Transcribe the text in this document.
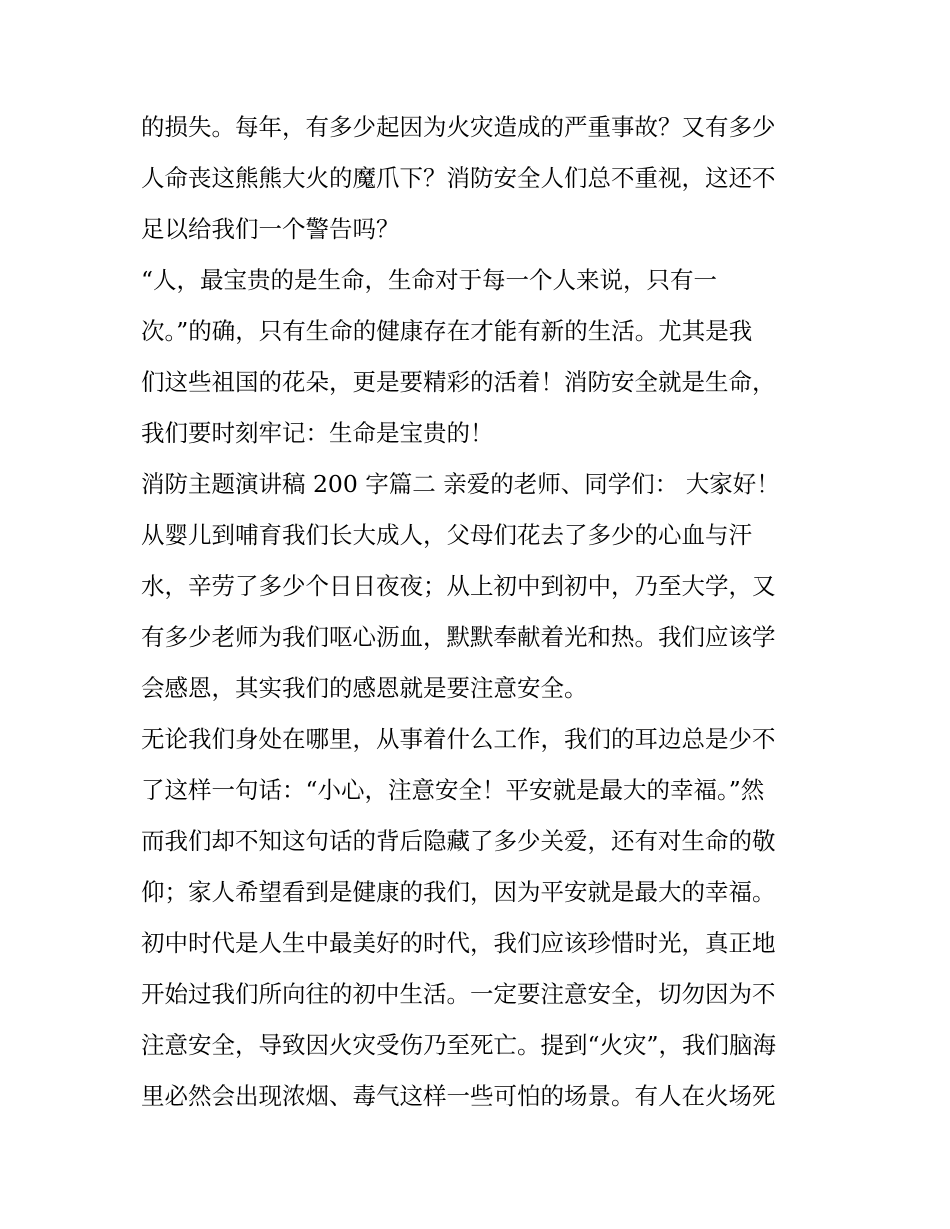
的损失。每年，有多少起因为火灾造成的严重事故？又有多少
人命丧这熊熊大火的魔爪下？消防安全人们总不重视，这还不
足以给我们一个警告吗？
“人，最宝贵的是生命，生命对于每一个人来说，只有一
次。”的确，只有生命的健康存在才能有新的生活。尤其是我
们这些祖国的花朵，更是要精彩的活着！消防安全就是生命，
我们要时刻牢记：生命是宝贵的！
消防主题演讲稿 200 字篇二 亲爱的老师、同学们： 大家好！
从婴儿到哺育我们长大成人，父母们花去了多少的心血与汗
水，辛劳了多少个日日夜夜；从上初中到初中，乃至大学，又
有多少老师为我们呕心沥血，默默奉献着光和热。我们应该学
会感恩，其实我们的感恩就是要注意安全。
无论我们身处在哪里，从事着什么工作，我们的耳边总是少不
了这样一句话：“小心，注意安全！平安就是最大的幸福。”然
而我们却不知这句话的背后隐藏了多少关爱，还有对生命的敬
仰；家人希望看到是健康的我们，因为平安就是最大的幸福。
初中时代是人生中最美好的时代，我们应该珍惜时光，真正地
开始过我们所向往的初中生活。一定要注意安全，切勿因为不
注意安全，导致因火灾受伤乃至死亡。提到“火灾”，我们脑海
里必然会出现浓烟、毒气这样一些可怕的场景。有人在火场死
